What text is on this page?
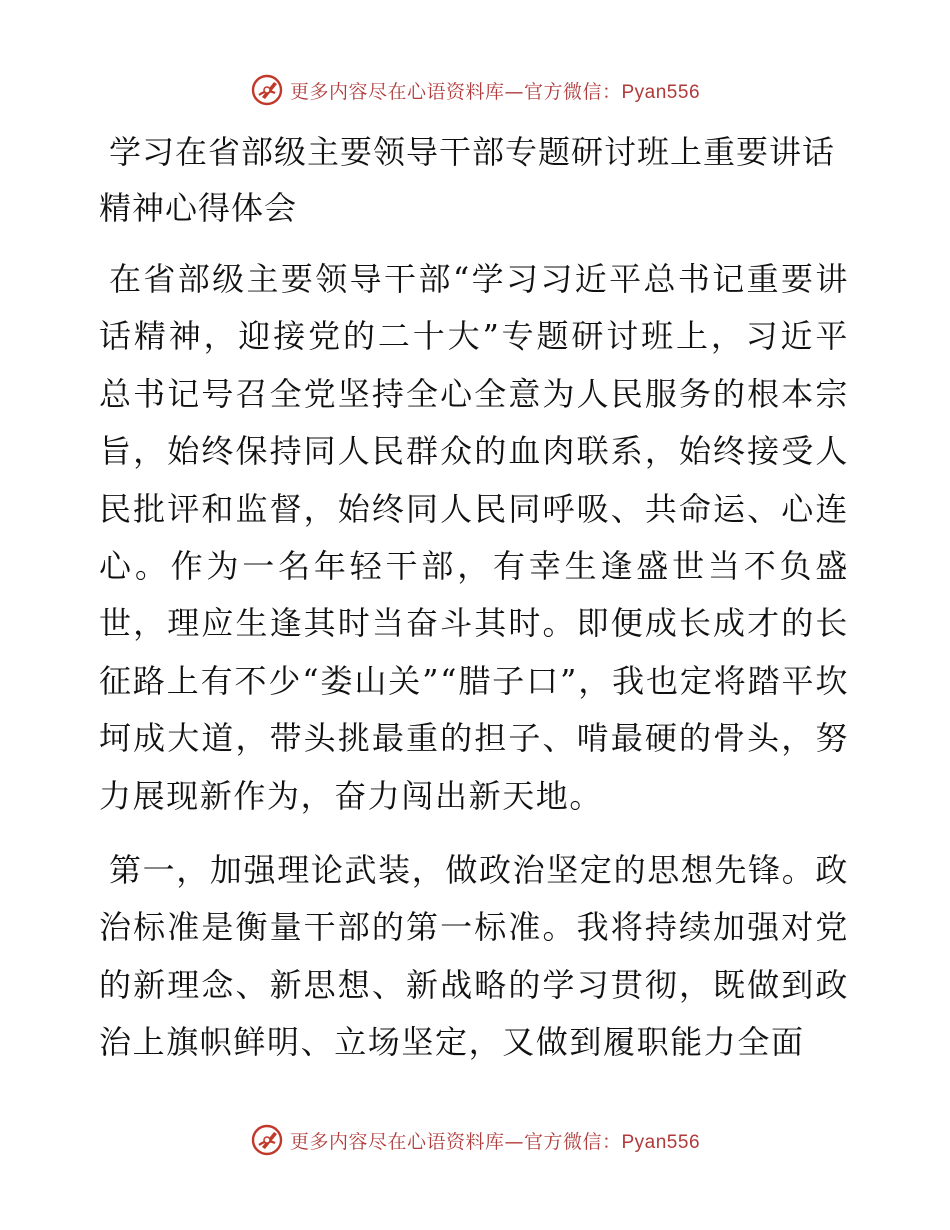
更多内容尽在心语资料库—官方微信：Pyan556
学习在省部级主要领导干部专题研讨班上重要讲话精神心得体会

在省部级主要领导干部“学习习近平总书记重要讲话精神，迎接党的二十大”专题研讨班上，习近平总书记号召全党坚持全心全意为人民服务的根本宗旨，始终保持同人民群众的血肉联系，始终接受人民批评和监督，始终同人民同呼吸、共命运、心连心。作为一名年轻干部，有幸生逢盛世当不负盛世，理应生逢其时当奋斗其时。即便成长成才的长征路上有不少“娄山关”“腊子口”，我也定将踏平坎坷成大道，带头挑最重的担子、啃最硬的骨头，努力展现新作为，奋力闯出新天地。

第一，加强理论武装，做政治坚定的思想先锋。政治标准是衡量干部的第一标准。我将持续加强对党的新理念、新思想、新战略的学习贯彻，既做到政治上旗帜鲜明、立场坚定，又做到履职能力全面

更多内容尽在心语资料库—官方微信：Pyan556
